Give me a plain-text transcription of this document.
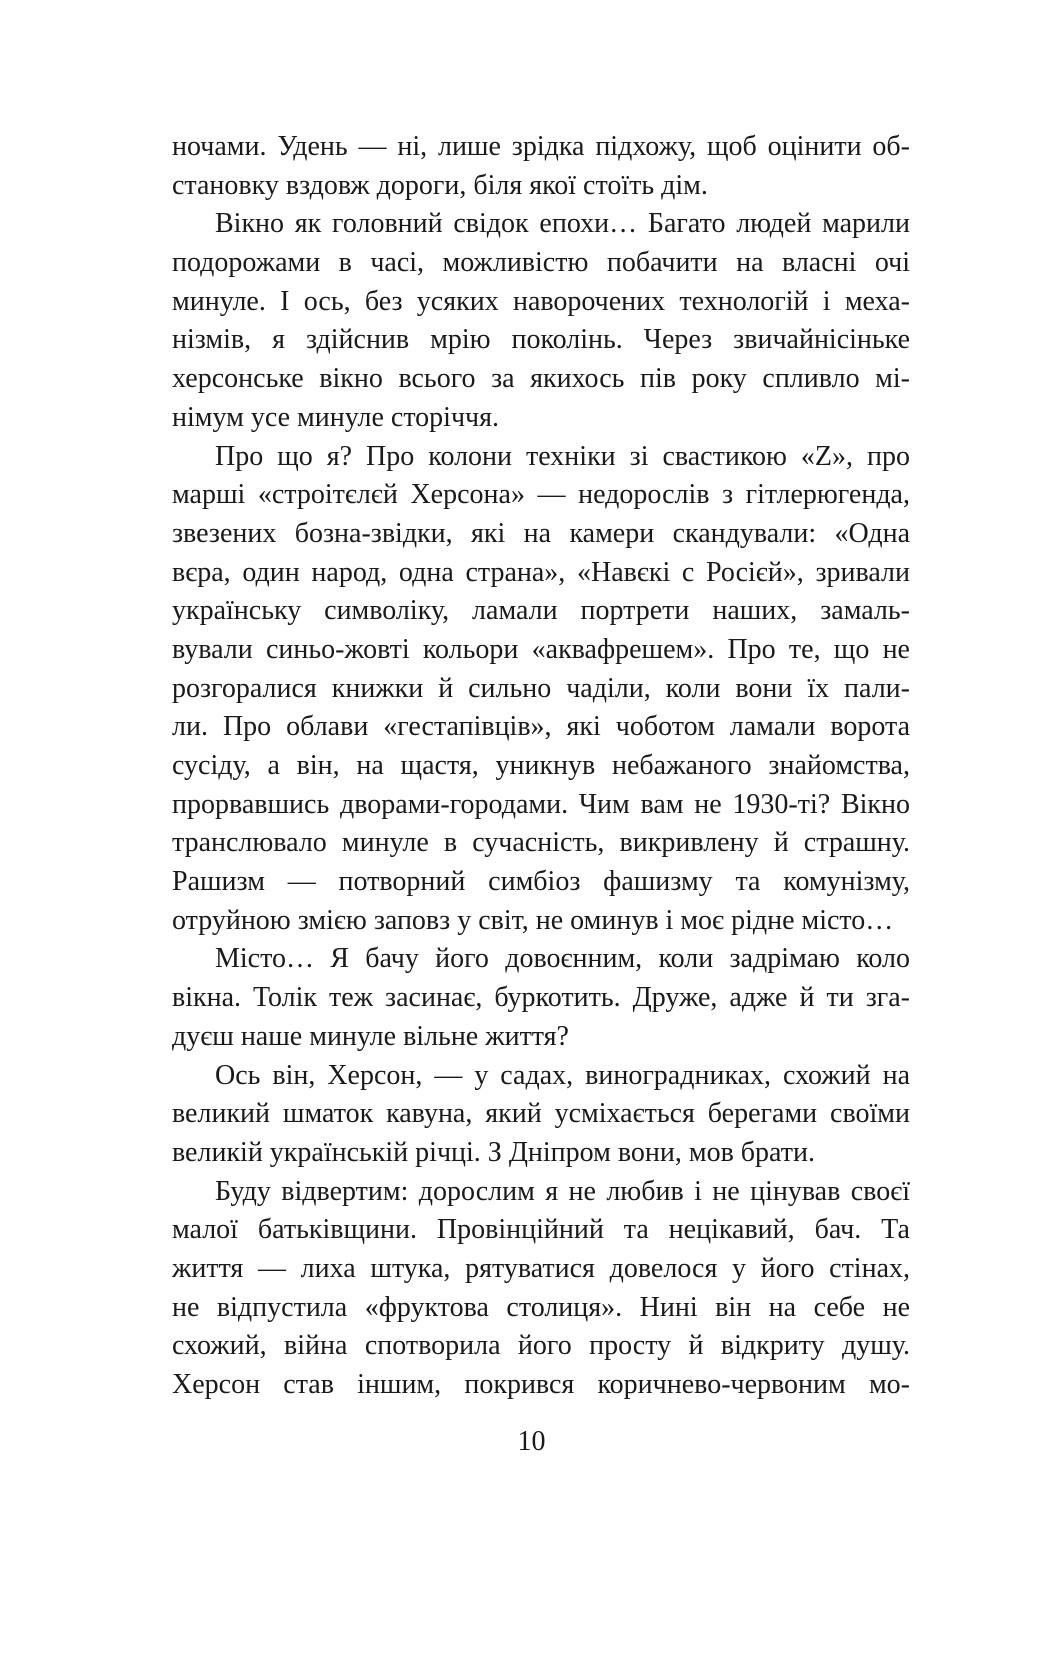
ночами. Удень — ні, лише зрідка підхожу, щоб оцінити об-
становку вздовж дороги, біля якої стоїть дім.
Вікно як головний свідок епохи… Багато людей марили
подорожами в часі, можливістю побачити на власні очі
минуле. І ось, без усяких наворочених технологій і меха-
нізмів, я здійснив мрію поколінь. Через звичайнісіньке
херсонське вікно всього за якихось пів року спливло мі-
німум усе минуле сторіччя.
Про що я? Про колони техніки зі свастикою «Z», про
марші «строітєлєй Херсона» — недорослів з гітлерюгенда,
звезених бозна-звідки, які на камери скандували: «Одна
вєра, один народ, одна страна», «Навєкі с Росієй», зривали
українську символіку, ламали портрети наших, замаль-
вували синьо-жовті кольори «аквафрешем». Про те, що не
розгоралися книжки й сильно чаділи, коли вони їх пали-
ли. Про облави «гестапівців», які чоботом ламали ворота
сусіду, а він, на щастя, уникнув небажаного знайомства,
прорвавшись дворами-городами. Чим вам не 1930-ті? Вікно
транслювало минуле в сучасність, викривлену й страшну.
Рашизм — потворний симбіоз фашизму та комунізму,
отруйною змією заповз у світ, не оминув і моє рідне місто…
Місто… Я бачу його довоєнним, коли задрімаю коло
вікна. Толік теж засинає, буркотить. Друже, адже й ти зга-
дуєш наше минуле вільне життя?
Ось він, Херсон, — у садах, виноградниках, схожий на
великий шматок кавуна, який усміхається берегами своїми
великій українській річці. З Дніпром вони, мов брати.
Буду відвертим: дорослим я не любив і не цінував своєї
малої батьківщини. Провінційний та нецікавий, бач. Та
життя — лиха штука, рятуватися довелося у його стінах,
не відпустила «фруктова столиця». Нині він на себе не
схожий, війна спотворила його просту й відкриту душу.
Херсон став іншим, покрився коричнево-червоним мо-
10
